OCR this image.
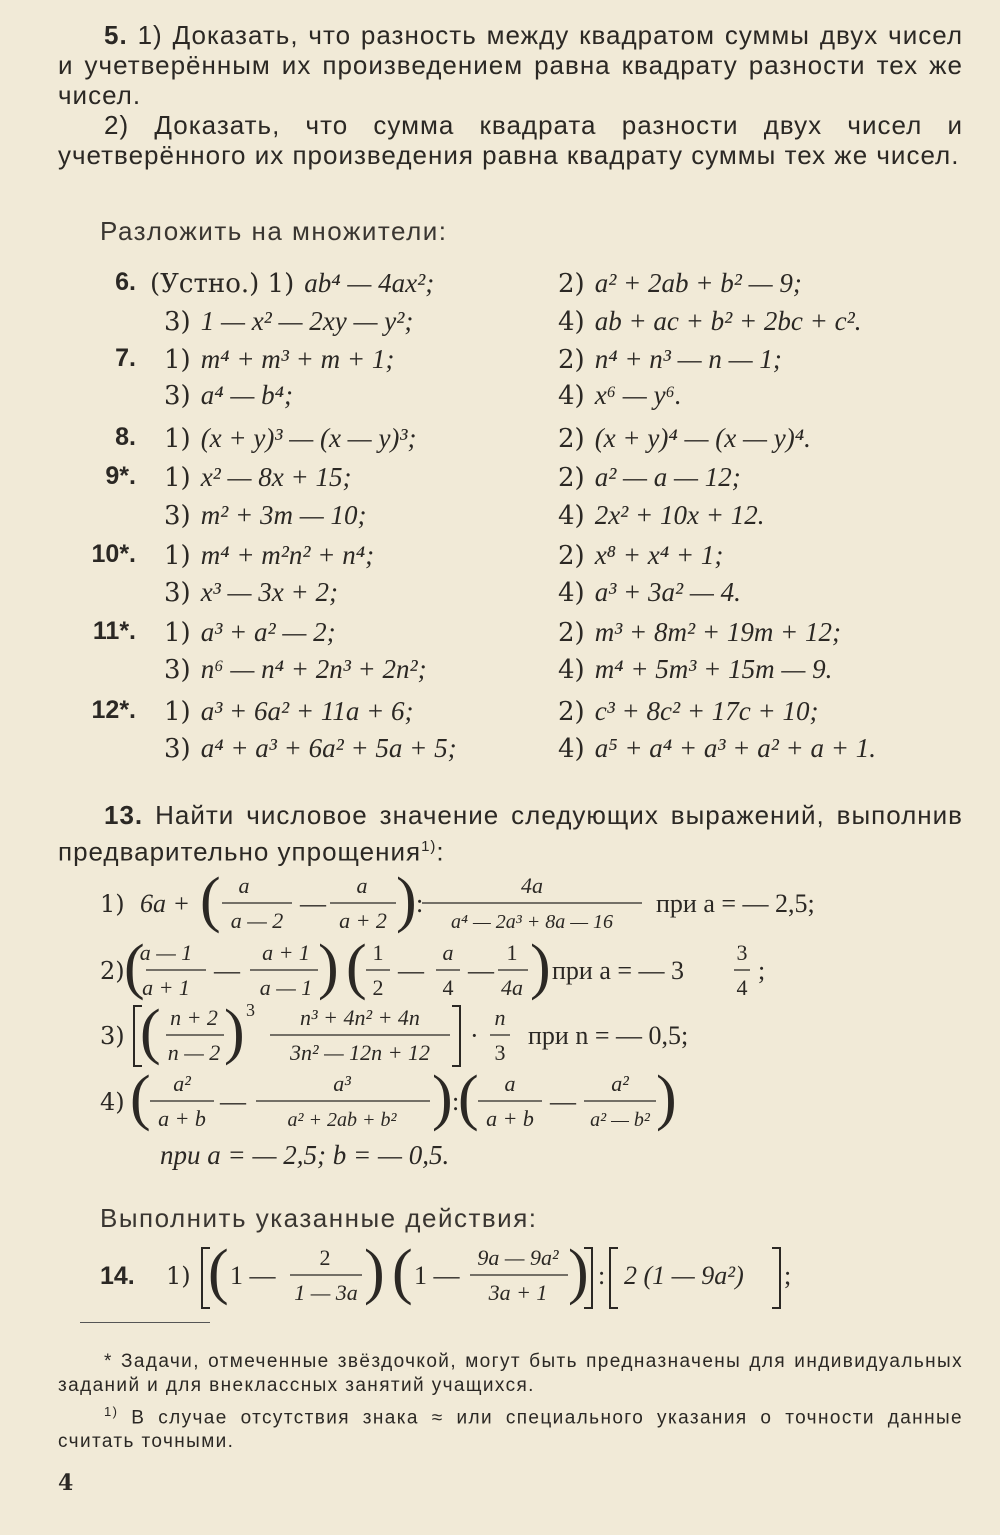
5. 1) Доказать, что разность между квадратом суммы двух чисел и учетверённым их произведением равна квадрату разности тех же чисел.
2) Доказать, что сумма квадрата разности двух чисел и учетверённого их произведения равна квадрату суммы тех же чисел.
Разложить на множители:
6. (Устно.) 1) ab⁴ — 4ax²;	2) a² + 2ab + b² — 9;
3) 1 — x² — 2xy — y²;	4) ab + ac + b² + 2bc + c².
7. 1) m⁴ + m³ + m + 1;	2) n⁴ + n³ — n — 1;
3) a⁴ — b⁴;	4) x⁶ — y⁶.
8. 1) (x + y)³ — (x — y)³;	2) (x + y)⁴ — (x — y)⁴.
9*. 1) x² — 8x + 15;	2) a² — a — 12;
3) m² + 3m — 10;	4) 2x² + 10x + 12.
10*. 1) m⁴ + m²n² + n⁴;	2) x⁸ + x⁴ + 1;
3) x³ — 3x + 2;	4) a³ + 3a² — 4.
11*. 1) a³ + a² — 2;	2) m³ + 8m² + 19m + 12;
3) n⁶ — n⁴ + 2n³ + 2n²;	4) m⁴ + 5m³ + 15m — 9.
12*. 1) a³ + 6a² + 11a + 6;	2) c³ + 8c² + 17c + 10;
3) a⁴ + a³ + 6a² + 5a + 5;	4) a⁵ + a⁴ + a³ + a² + a + 1.
13. Найти числовое значение следующих выражений, выполнив предварительно упрощения$^{1)}$:
1) 6a + ( a
a — 2
—
a
a + 2 ) :
4a
a⁴ — 2a³ + 8a — 16
при a = — 2,5;
2) (
a — 1
a + 1
—
a + 1
a — 1 ) ( 1
2
—
a
4
—
1
4a ) при a = — 3
3
4
;
3) ( n + 2
n — 2 ) 3 n³ + 4n² + 4n
3n² — 12n + 12
·
n
3
при n = — 0,5;
4) ( a²
a + b
—
a³
a² + 2ab + b² ) :
( a
a + b
—
a²
a² — b² )
при a = — 2,5; b = — 0,5.
Выполнить указанные действия:
14. 1) ( 1 —
2
1 — 3a ) ( 1 —
9a — 9a²
3a + 1 ) : 2 (1 — 9a²) ;
* Задачи, отмеченные звёздочкой, могут быть предназначены для индивидуальных заданий и для внеклассных занятий учащихся.
$^{1)}$ В случае отсутствия знака ≈ или специального указания о точности данные считать точными.
4
